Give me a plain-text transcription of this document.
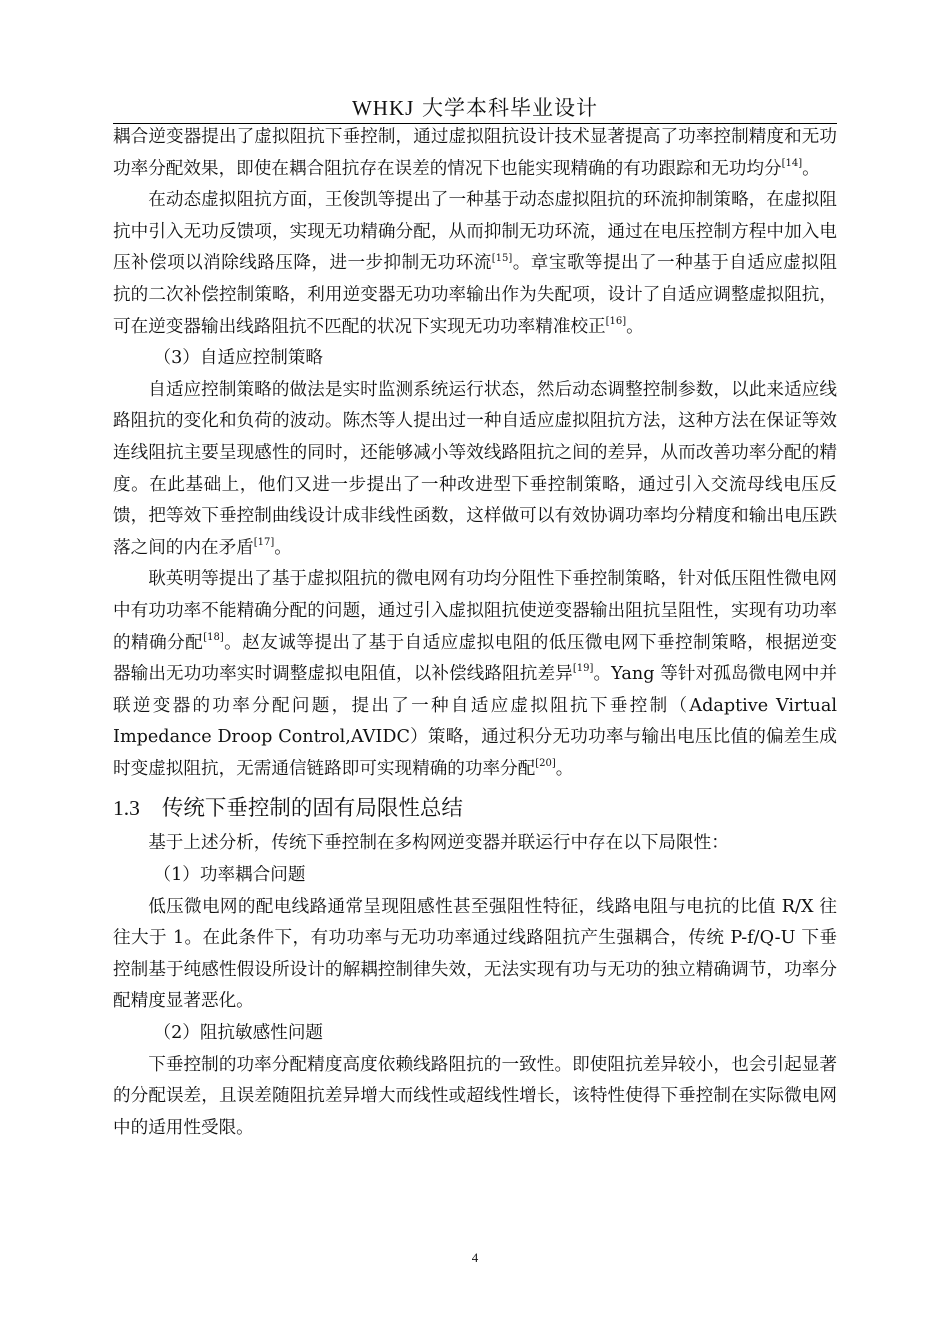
WHKJ 大学本科毕业设计

耦合逆变器提出了虚拟阻抗下垂控制，通过虚拟阻抗设计技术显著提高了功率控制精度和无功功率分配效果，即使在耦合阻抗存在误差的情况下也能实现精确的有功跟踪和无功均分[14]。

在动态虚拟阻抗方面，王俊凯等提出了一种基于动态虚拟阻抗的环流抑制策略，在虚拟阻抗中引入无功反馈项，实现无功精确分配，从而抑制无功环流，通过在电压控制方程中加入电压补偿项以消除线路压降，进一步抑制无功环流[15]。章宝歌等提出了一种基于自适应虚拟阻抗的二次补偿控制策略，利用逆变器无功功率输出作为失配项，设计了自适应调整虚拟阻抗，可在逆变器输出线路阻抗不匹配的状况下实现无功功率精准校正[16]。

（3）自适应控制策略

自适应控制策略的做法是实时监测系统运行状态，然后动态调整控制参数，以此来适应线路阻抗的变化和负荷的波动。陈杰等人提出过一种自适应虚拟阻抗方法，这种方法在保证等效连线阻抗主要呈现感性的同时，还能够减小等效线路阻抗之间的差异，从而改善功率分配的精度。在此基础上，他们又进一步提出了一种改进型下垂控制策略，通过引入交流母线电压反馈，把等效下垂控制曲线设计成非线性函数，这样做可以有效协调功率均分精度和输出电压跌落之间的内在矛盾[17]。

耿英明等提出了基于虚拟阻抗的微电网有功均分阻性下垂控制策略，针对低压阻性微电网中有功功率不能精确分配的问题，通过引入虚拟阻抗使逆变器输出阻抗呈阻性，实现有功功率的精确分配[18]。赵友诚等提出了基于自适应虚拟电阻的低压微电网下垂控制策略，根据逆变器输出无功功率实时调整虚拟电阻值，以补偿线路阻抗差异[19]。Yang 等针对孤岛微电网中并联逆变器的功率分配问题，提出了一种自适应虚拟阻抗下垂控制（Adaptive Virtual Impedance Droop Control,AVIDC）策略，通过积分无功功率与输出电压比值的偏差生成时变虚拟阻抗，无需通信链路即可实现精确的功率分配[20]。

1.3 传统下垂控制的固有局限性总结

基于上述分析，传统下垂控制在多构网逆变器并联运行中存在以下局限性：

（1）功率耦合问题

低压微电网的配电线路通常呈现阻感性甚至强阻性特征，线路电阻与电抗的比值 R/X 往往大于 1。在此条件下，有功功率与无功功率通过线路阻抗产生强耦合，传统 P-f/Q-U 下垂控制基于纯感性假设所设计的解耦控制律失效，无法实现有功与无功的独立精确调节，功率分配精度显著恶化。

（2）阻抗敏感性问题

下垂控制的功率分配精度高度依赖线路阻抗的一致性。即使阻抗差异较小，也会引起显著的分配误差，且误差随阻抗差异增大而线性或超线性增长，该特性使得下垂控制在实际微电网中的适用性受限。

4
